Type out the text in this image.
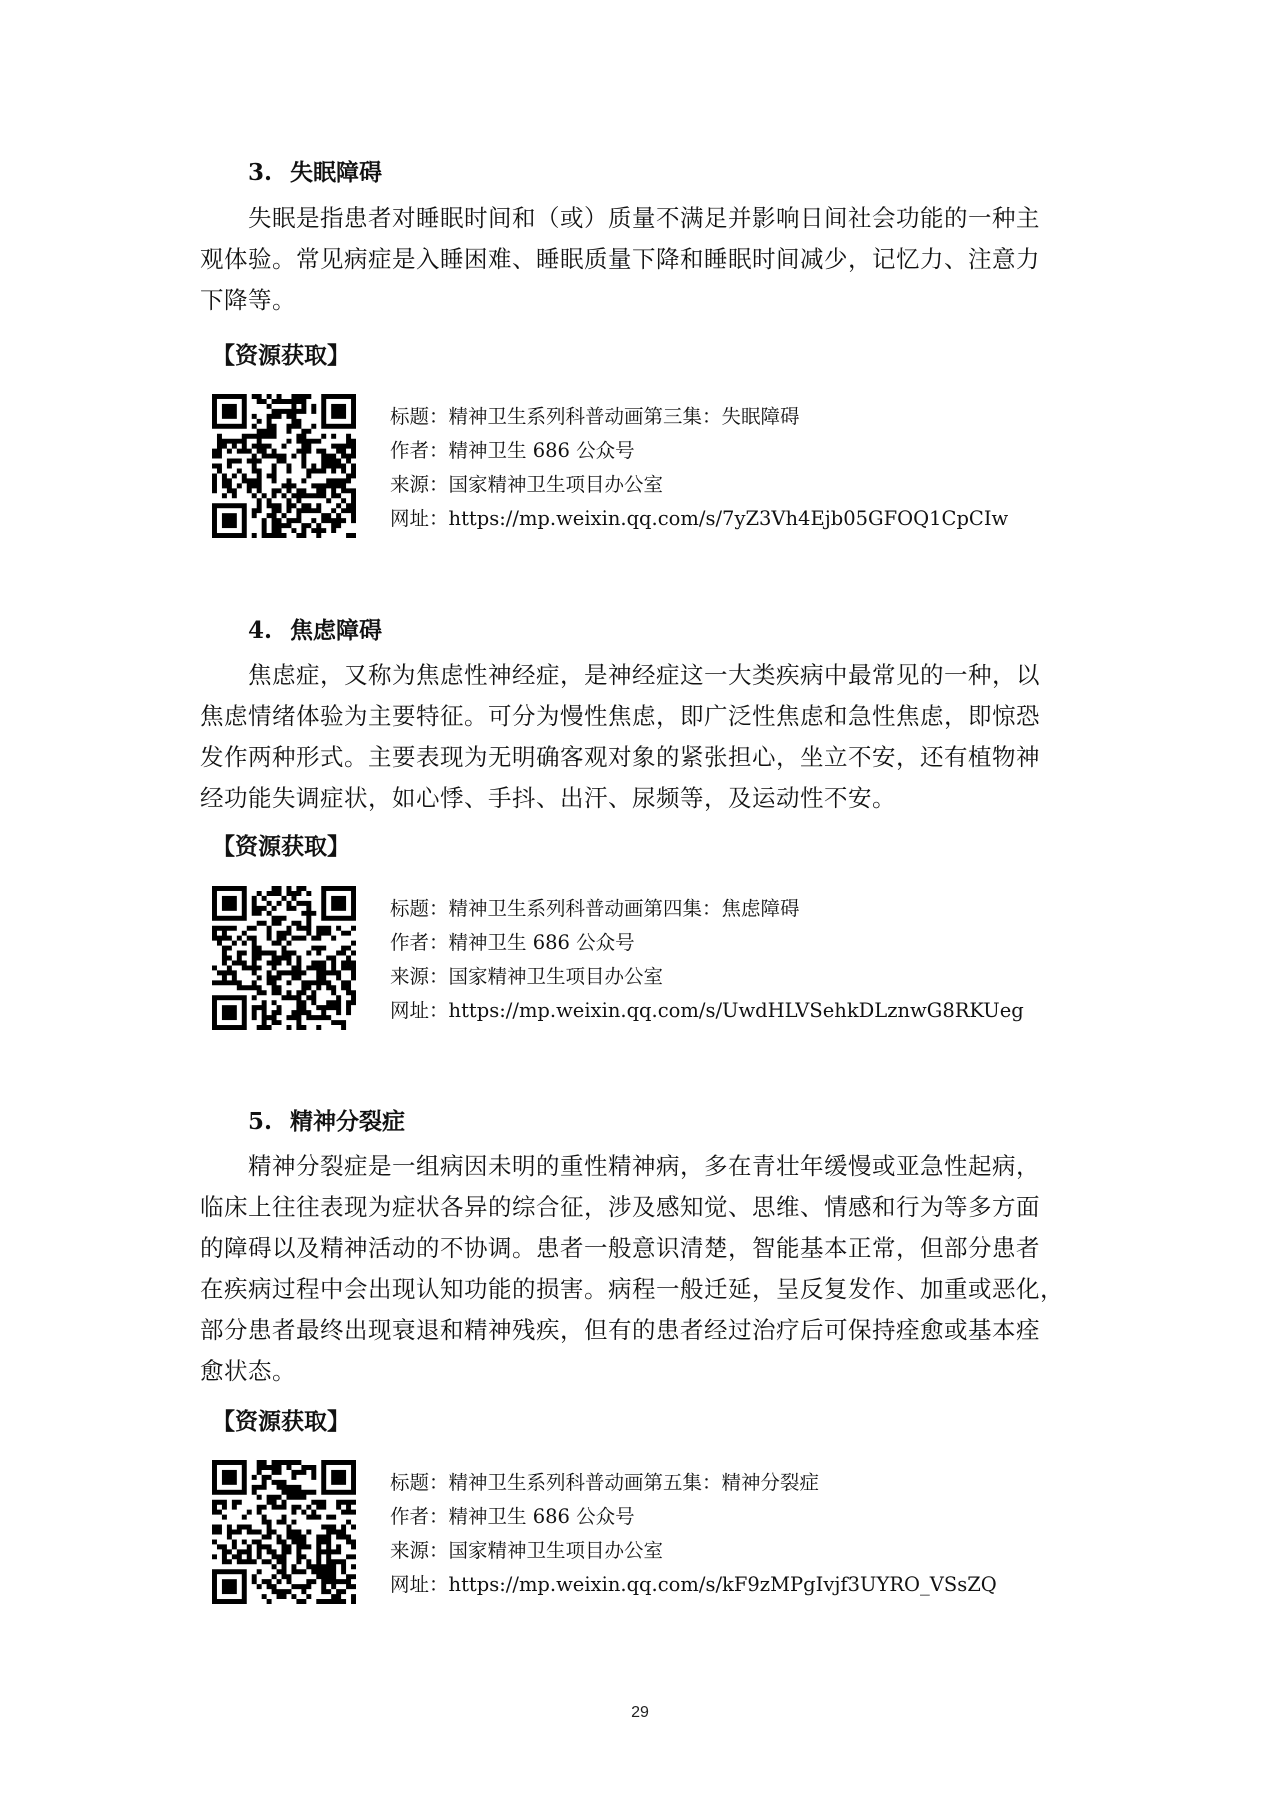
3. 失眠障碍
失眠是指患者对睡眠时间和（或）质量不满足并影响日间社会功能的一种主
观体验。常见病症是入睡困难、睡眠质量下降和睡眠时间减少，记忆力、注意力
下降等。
【资源获取】
标题：精神卫生系列科普动画第三集：失眠障碍
作者：精神卫生 686 公众号
来源：国家精神卫生项目办公室
网址：https://mp.weixin.qq.com/s/7yZ3Vh4Ejb05GFOQ1CpCIw
4. 焦虑障碍
焦虑症，又称为焦虑性神经症，是神经症这一大类疾病中最常见的一种，以
焦虑情绪体验为主要特征。可分为慢性焦虑，即广泛性焦虑和急性焦虑，即惊恐
发作两种形式。主要表现为无明确客观对象的紧张担心，坐立不安，还有植物神
经功能失调症状，如心悸、手抖、出汗、尿频等，及运动性不安。
【资源获取】
标题：精神卫生系列科普动画第四集：焦虑障碍
作者：精神卫生 686 公众号
来源：国家精神卫生项目办公室
网址：https://mp.weixin.qq.com/s/UwdHLVSehkDLznwG8RKUeg
5. 精神分裂症
精神分裂症是一组病因未明的重性精神病，多在青壮年缓慢或亚急性起病，
临床上往往表现为症状各异的综合征，涉及感知觉、思维、情感和行为等多方面
的障碍以及精神活动的不协调。患者一般意识清楚，智能基本正常，但部分患者
在疾病过程中会出现认知功能的损害。病程一般迁延，呈反复发作、加重或恶化，
部分患者最终出现衰退和精神残疾，但有的患者经过治疗后可保持痊愈或基本痊
愈状态。
【资源获取】
标题：精神卫生系列科普动画第五集：精神分裂症
作者：精神卫生 686 公众号
来源：国家精神卫生项目办公室
网址：https://mp.weixin.qq.com/s/kF9zMPgIvjf3UYRO_VSsZQ
29
